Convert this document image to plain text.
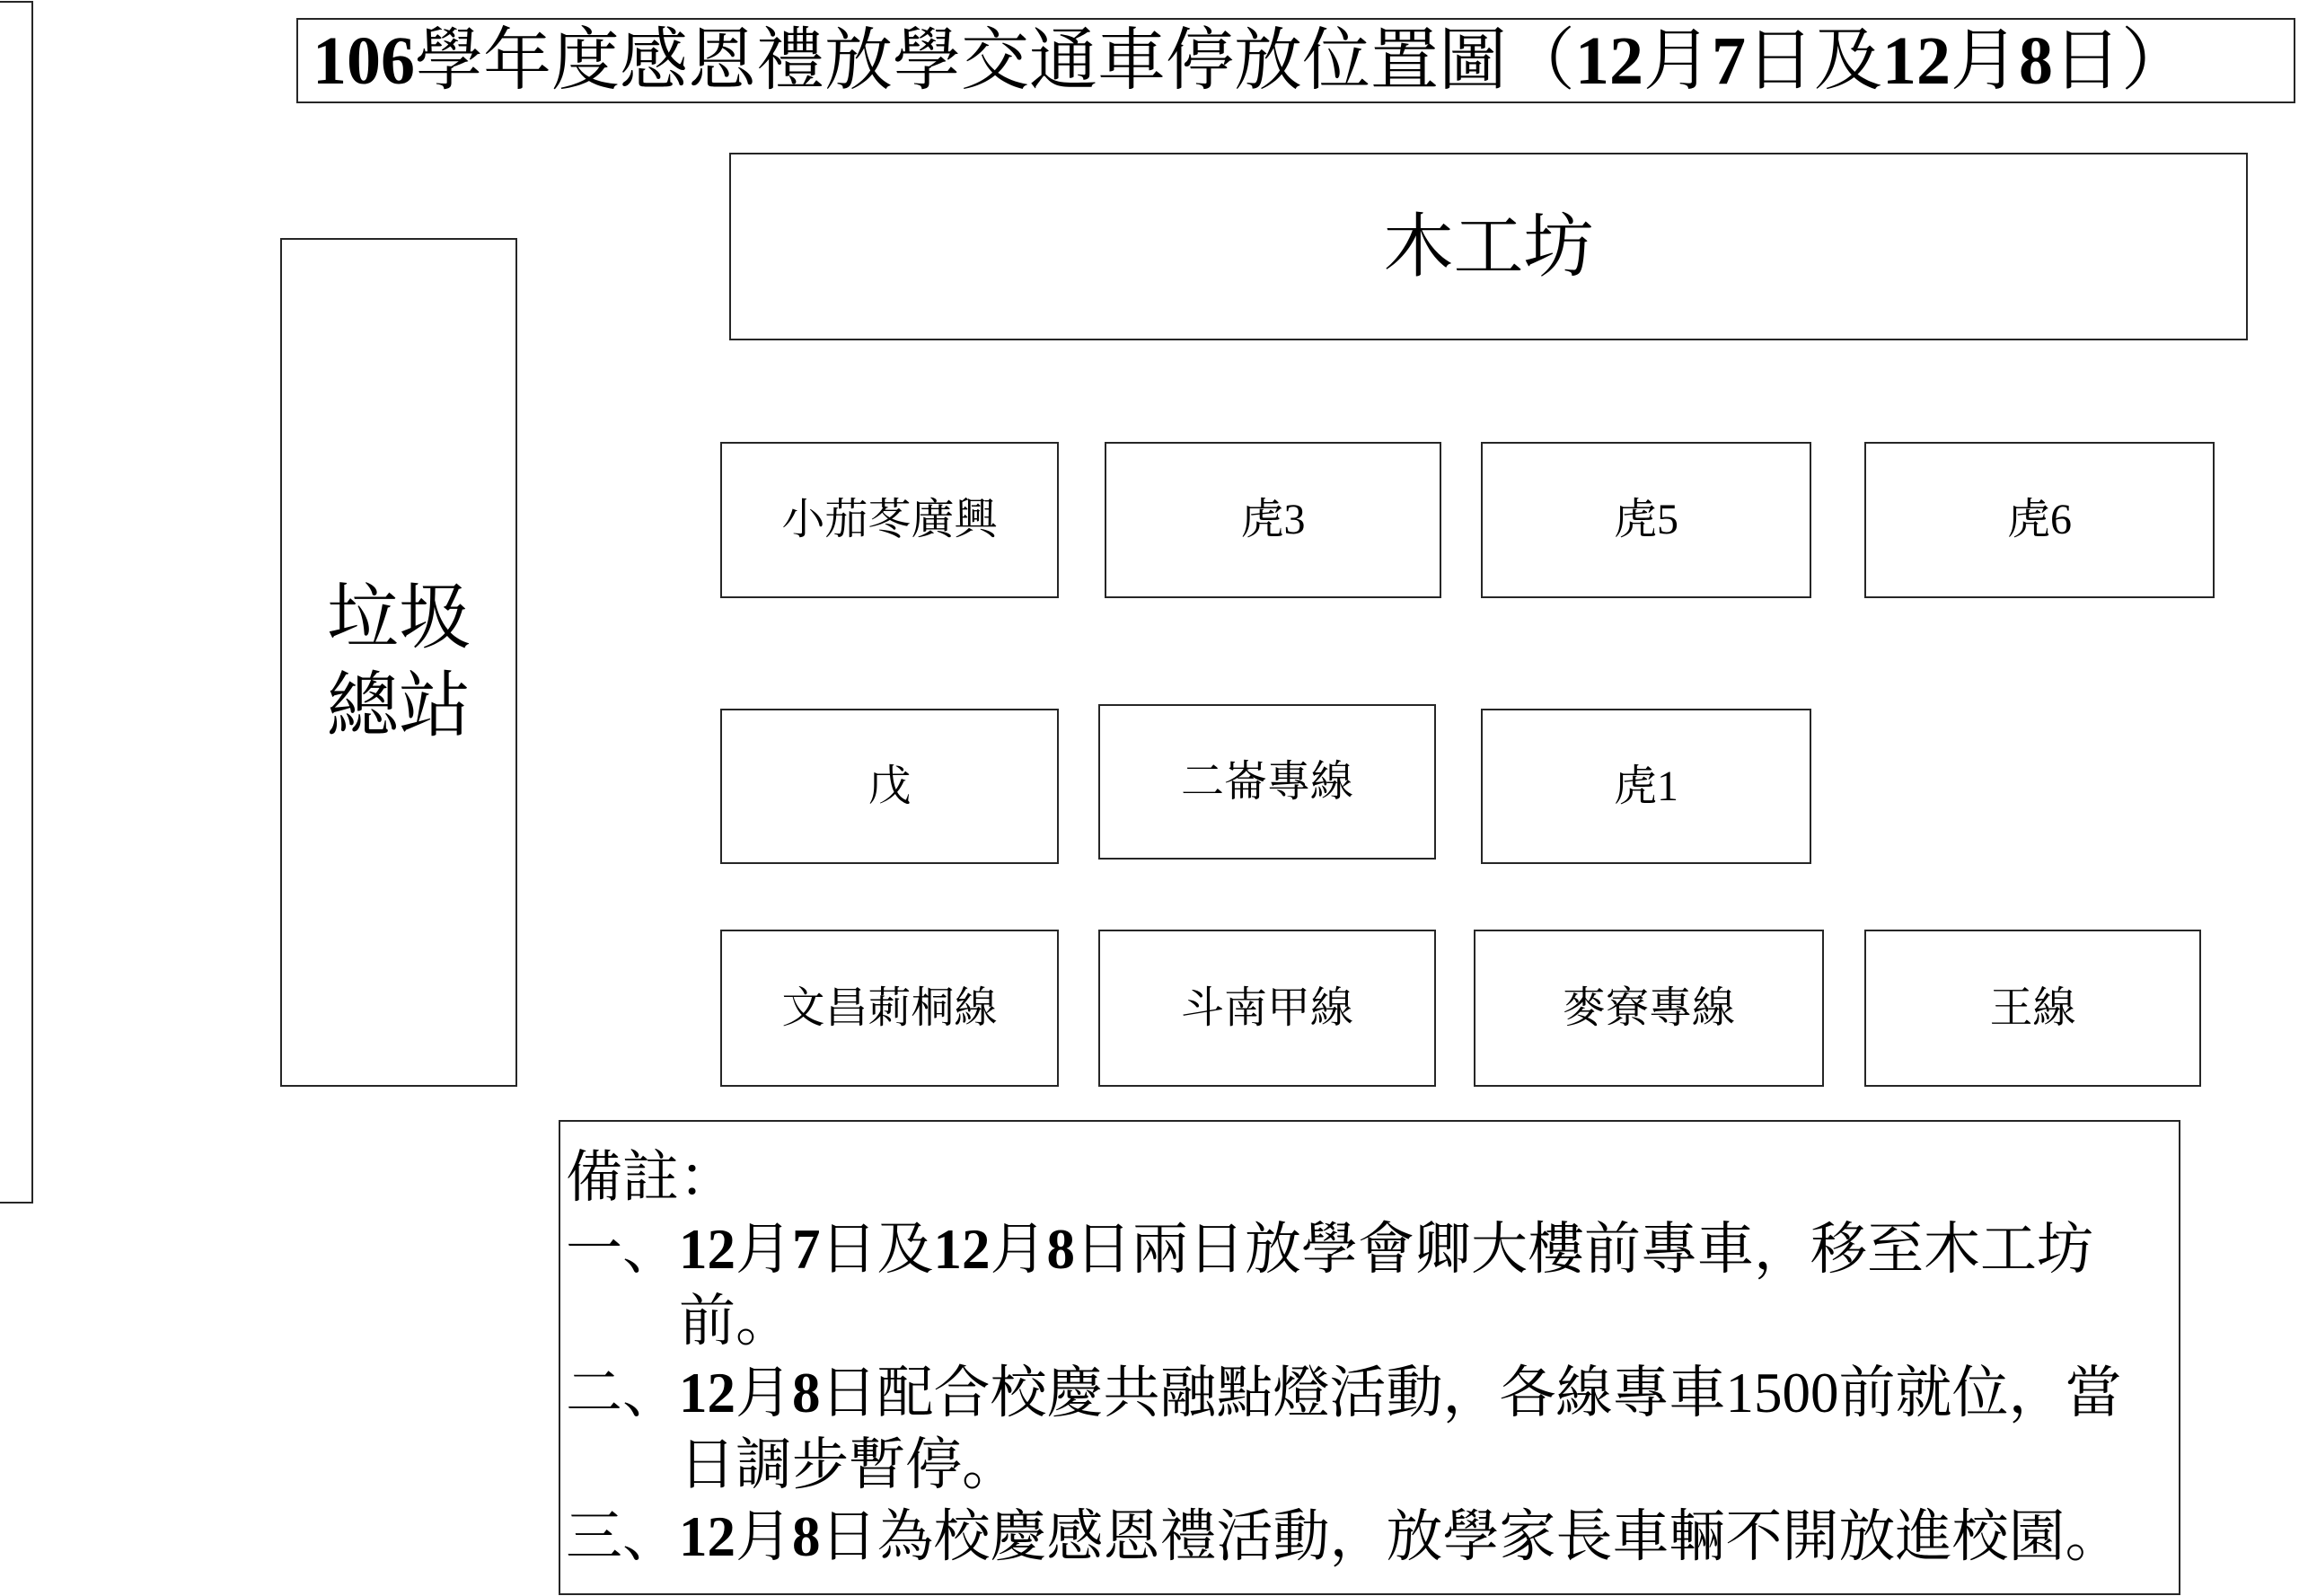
106學年度感恩禮放學交通車停放位置圖（12月7日及12月8日）
木工坊
垃圾
總站
小茄苳廣興	虎3	虎5	虎6
戊	二崙專線	虎1
文昌莿桐線	斗南甲線	麥寮專線	王線
備註：
一、 12月7日及12月8日兩日放學會卿大樓前專車，移至木工坊
前。
二、 12月8日配合校慶共融點燈活動，各線專車1500前就位，當
日調步暫停。
三、 12月8日為校慶感恩禮活動，放學家長車輛不開放進校園。
